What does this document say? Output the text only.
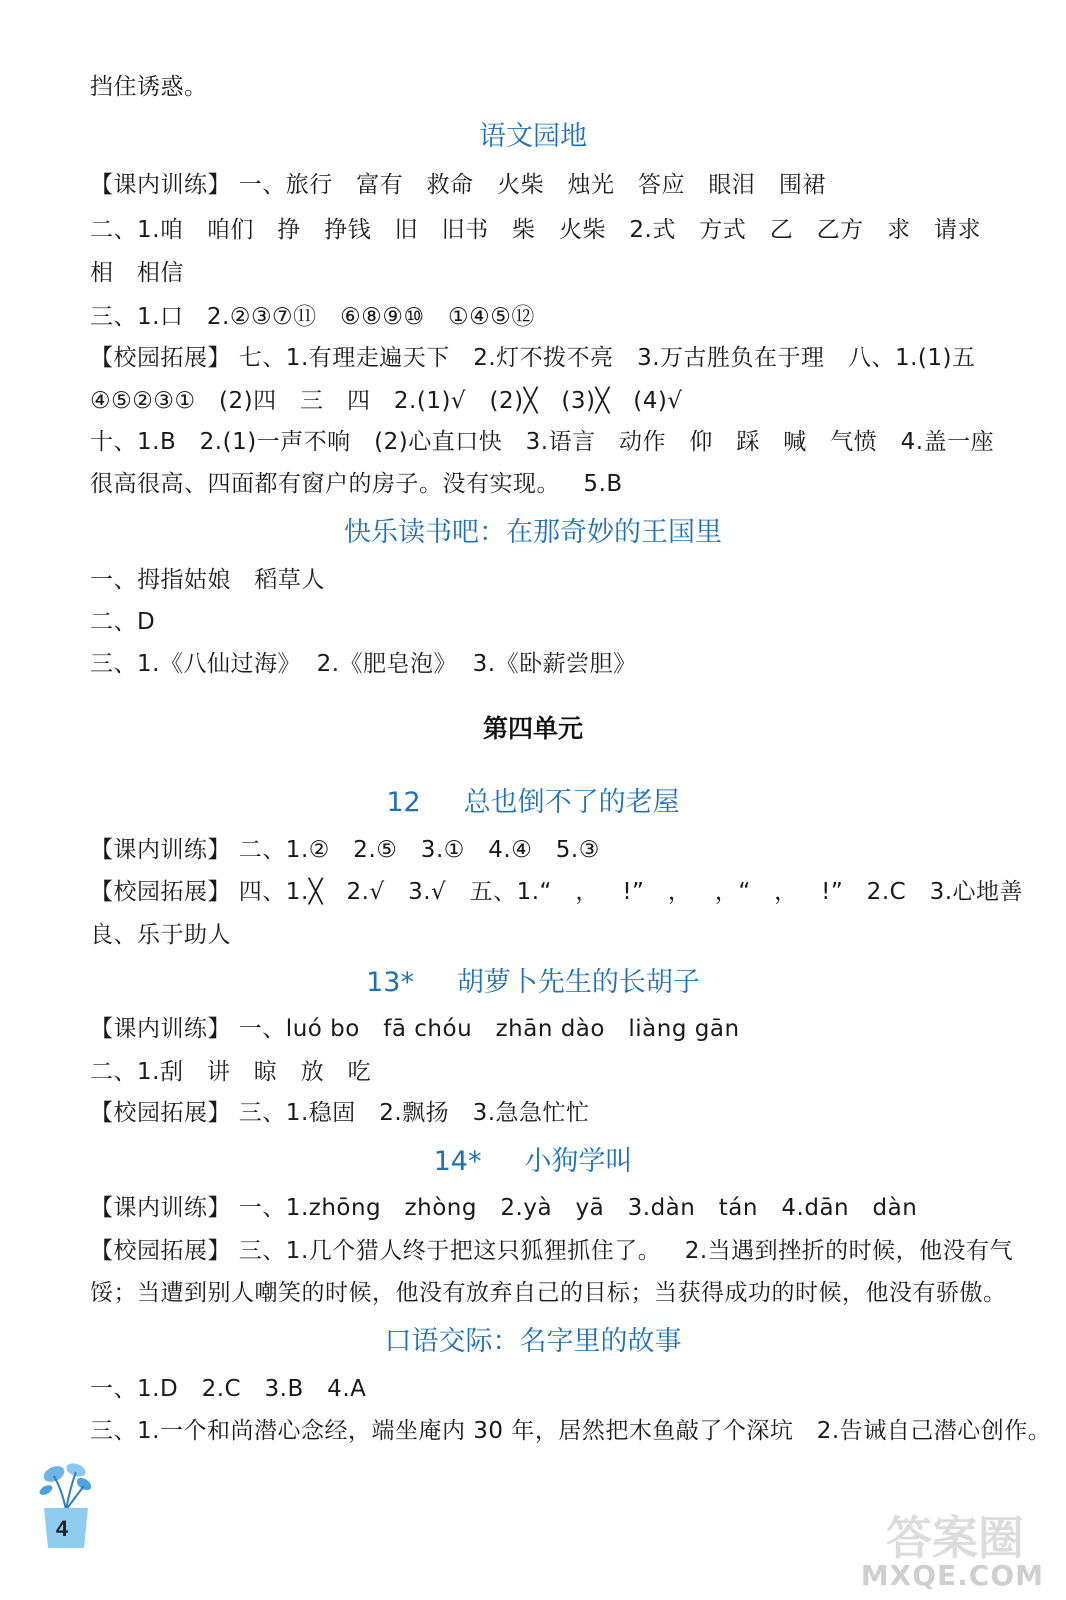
挡住诱惑。
语文园地
【课内训练】 一、旅行   富有   救命   火柴   烛光   答应   眼泪   围裙
二、1.咱   咱们   挣   挣钱   旧   旧书   柴   火柴   2.式   方式   乙   乙方   求   请求
相   相信
三、1.口   2.②③⑦⑪   ⑥⑧⑨⑩   ①④⑤⑫
【校园拓展】 七、1.有理走遍天下   2.灯不拨不亮   3.万古胜负在于理   八、1.(1)五
④⑤②③①   (2)四   三   四   2.(1)√   (2)╳   (3)╳   (4)√
十、1.B   2.(1)一声不响   (2)心直口快   3.语言   动作   仰   踩   喊   气愤   4.盖一座
很高很高、四面都有窗户的房子。没有实现。   5.B
快乐读书吧：在那奇妙的王国里
一、拇指姑娘   稻草人
二、D
三、1.《八仙过海》  2.《肥皂泡》  3.《卧薪尝胆》
第四单元
12     总也倒不了的老屋
【课内训练】 二、1.②   2.⑤   3.①   4.④   5.③
【校园拓展】 四、1.╳   2.√   3.√   五、1.“   ，   !”   ，   ，“   ，   !”   2.C   3.心地善
良、乐于助人
13*     胡萝卜先生的长胡子
【课内训练】 一、luó bo   fā chóu   zhān dào   liàng gān
二、1.刮   讲   晾   放   吃
【校园拓展】 三、1.稳固   2.飘扬   3.急急忙忙
14*     小狗学叫
【课内训练】 一、1.zhōng   zhòng   2.yà   yā   3.dàn   tán   4.dān   dàn
【校园拓展】 三、1.几个猎人终于把这只狐狸抓住了。   2.当遇到挫折的时候，他没有气
馁；当遭到别人嘲笑的时候，他没有放弃自己的目标；当获得成功的时候，他没有骄傲。
口语交际：名字里的故事
一、1.D   2.C   3.B   4.A
三、1.一个和尚潜心念经，端坐庵内 30 年，居然把木鱼敲了个深坑   2.告诫自己潜心创作。
4	答案圈
MXQE.COM
